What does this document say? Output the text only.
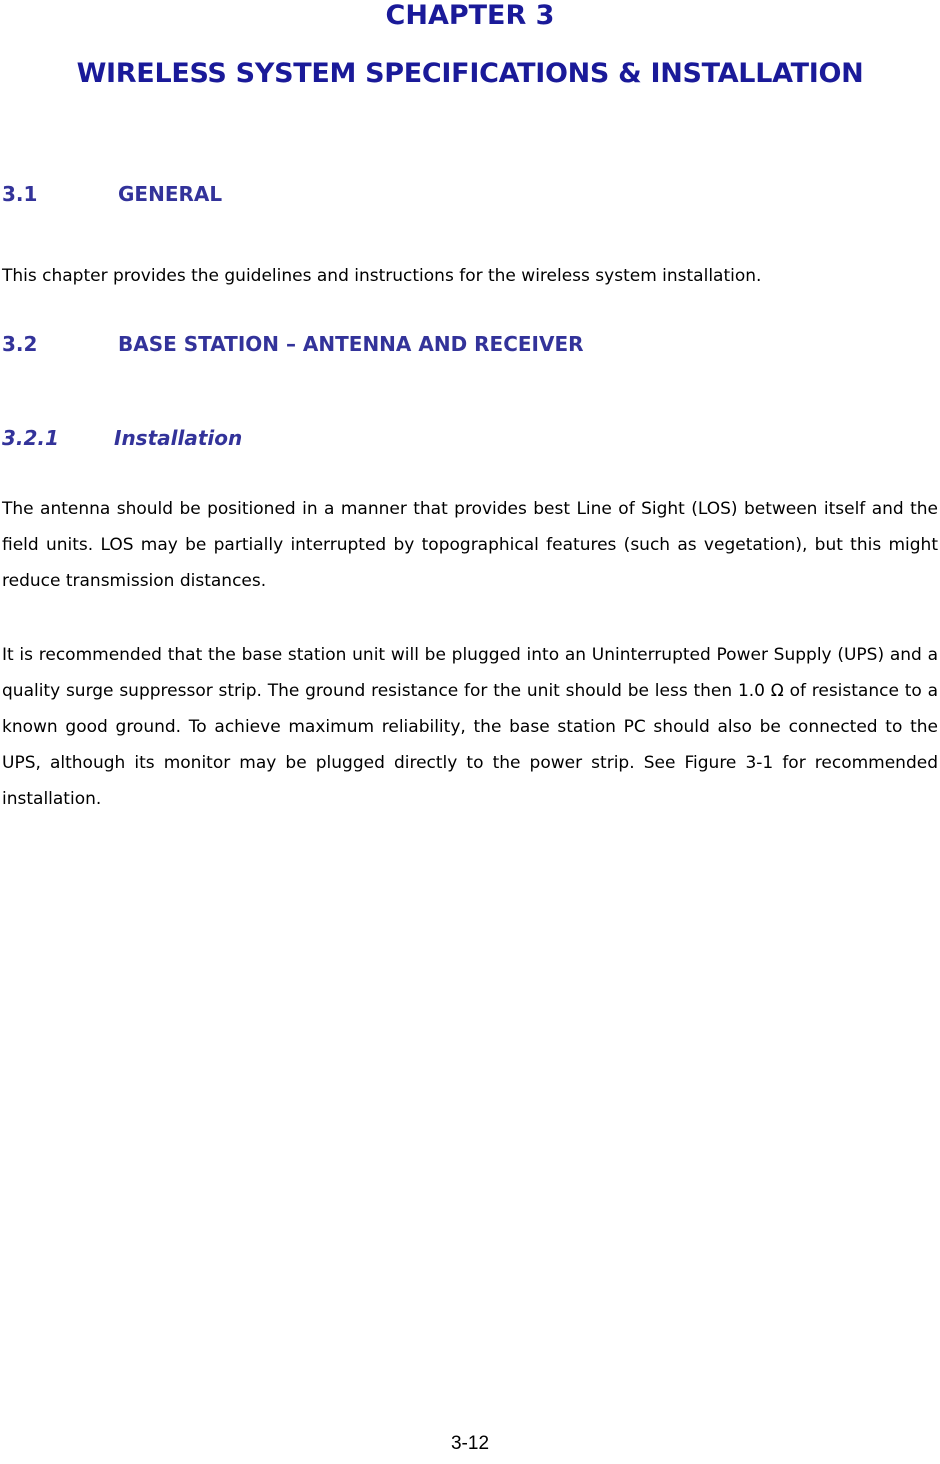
CHAPTER 3
WIRELESS SYSTEM SPECIFICATIONS & INSTALLATION
3.1	GENERAL
This chapter provides the guidelines and instructions for the wireless system installation.
3.2	BASE STATION – ANTENNA AND RECEIVER
3.2.1	Installation
The antenna should be positioned in a manner that provides best Line of Sight (LOS) between itself and the field units. LOS may be partially interrupted by topographical features (such as vegetation), but this might reduce transmission distances.
It is recommended that the base station unit will be plugged into an Uninterrupted Power Supply (UPS) and a quality surge suppressor strip. The ground resistance for the unit should be less then 1.0 Ω of resistance to a known good ground. To achieve maximum reliability, the base station PC should also be connected to the UPS, although its monitor may be plugged directly to the power strip. See Figure 3-1 for recommended installation.
3-12
